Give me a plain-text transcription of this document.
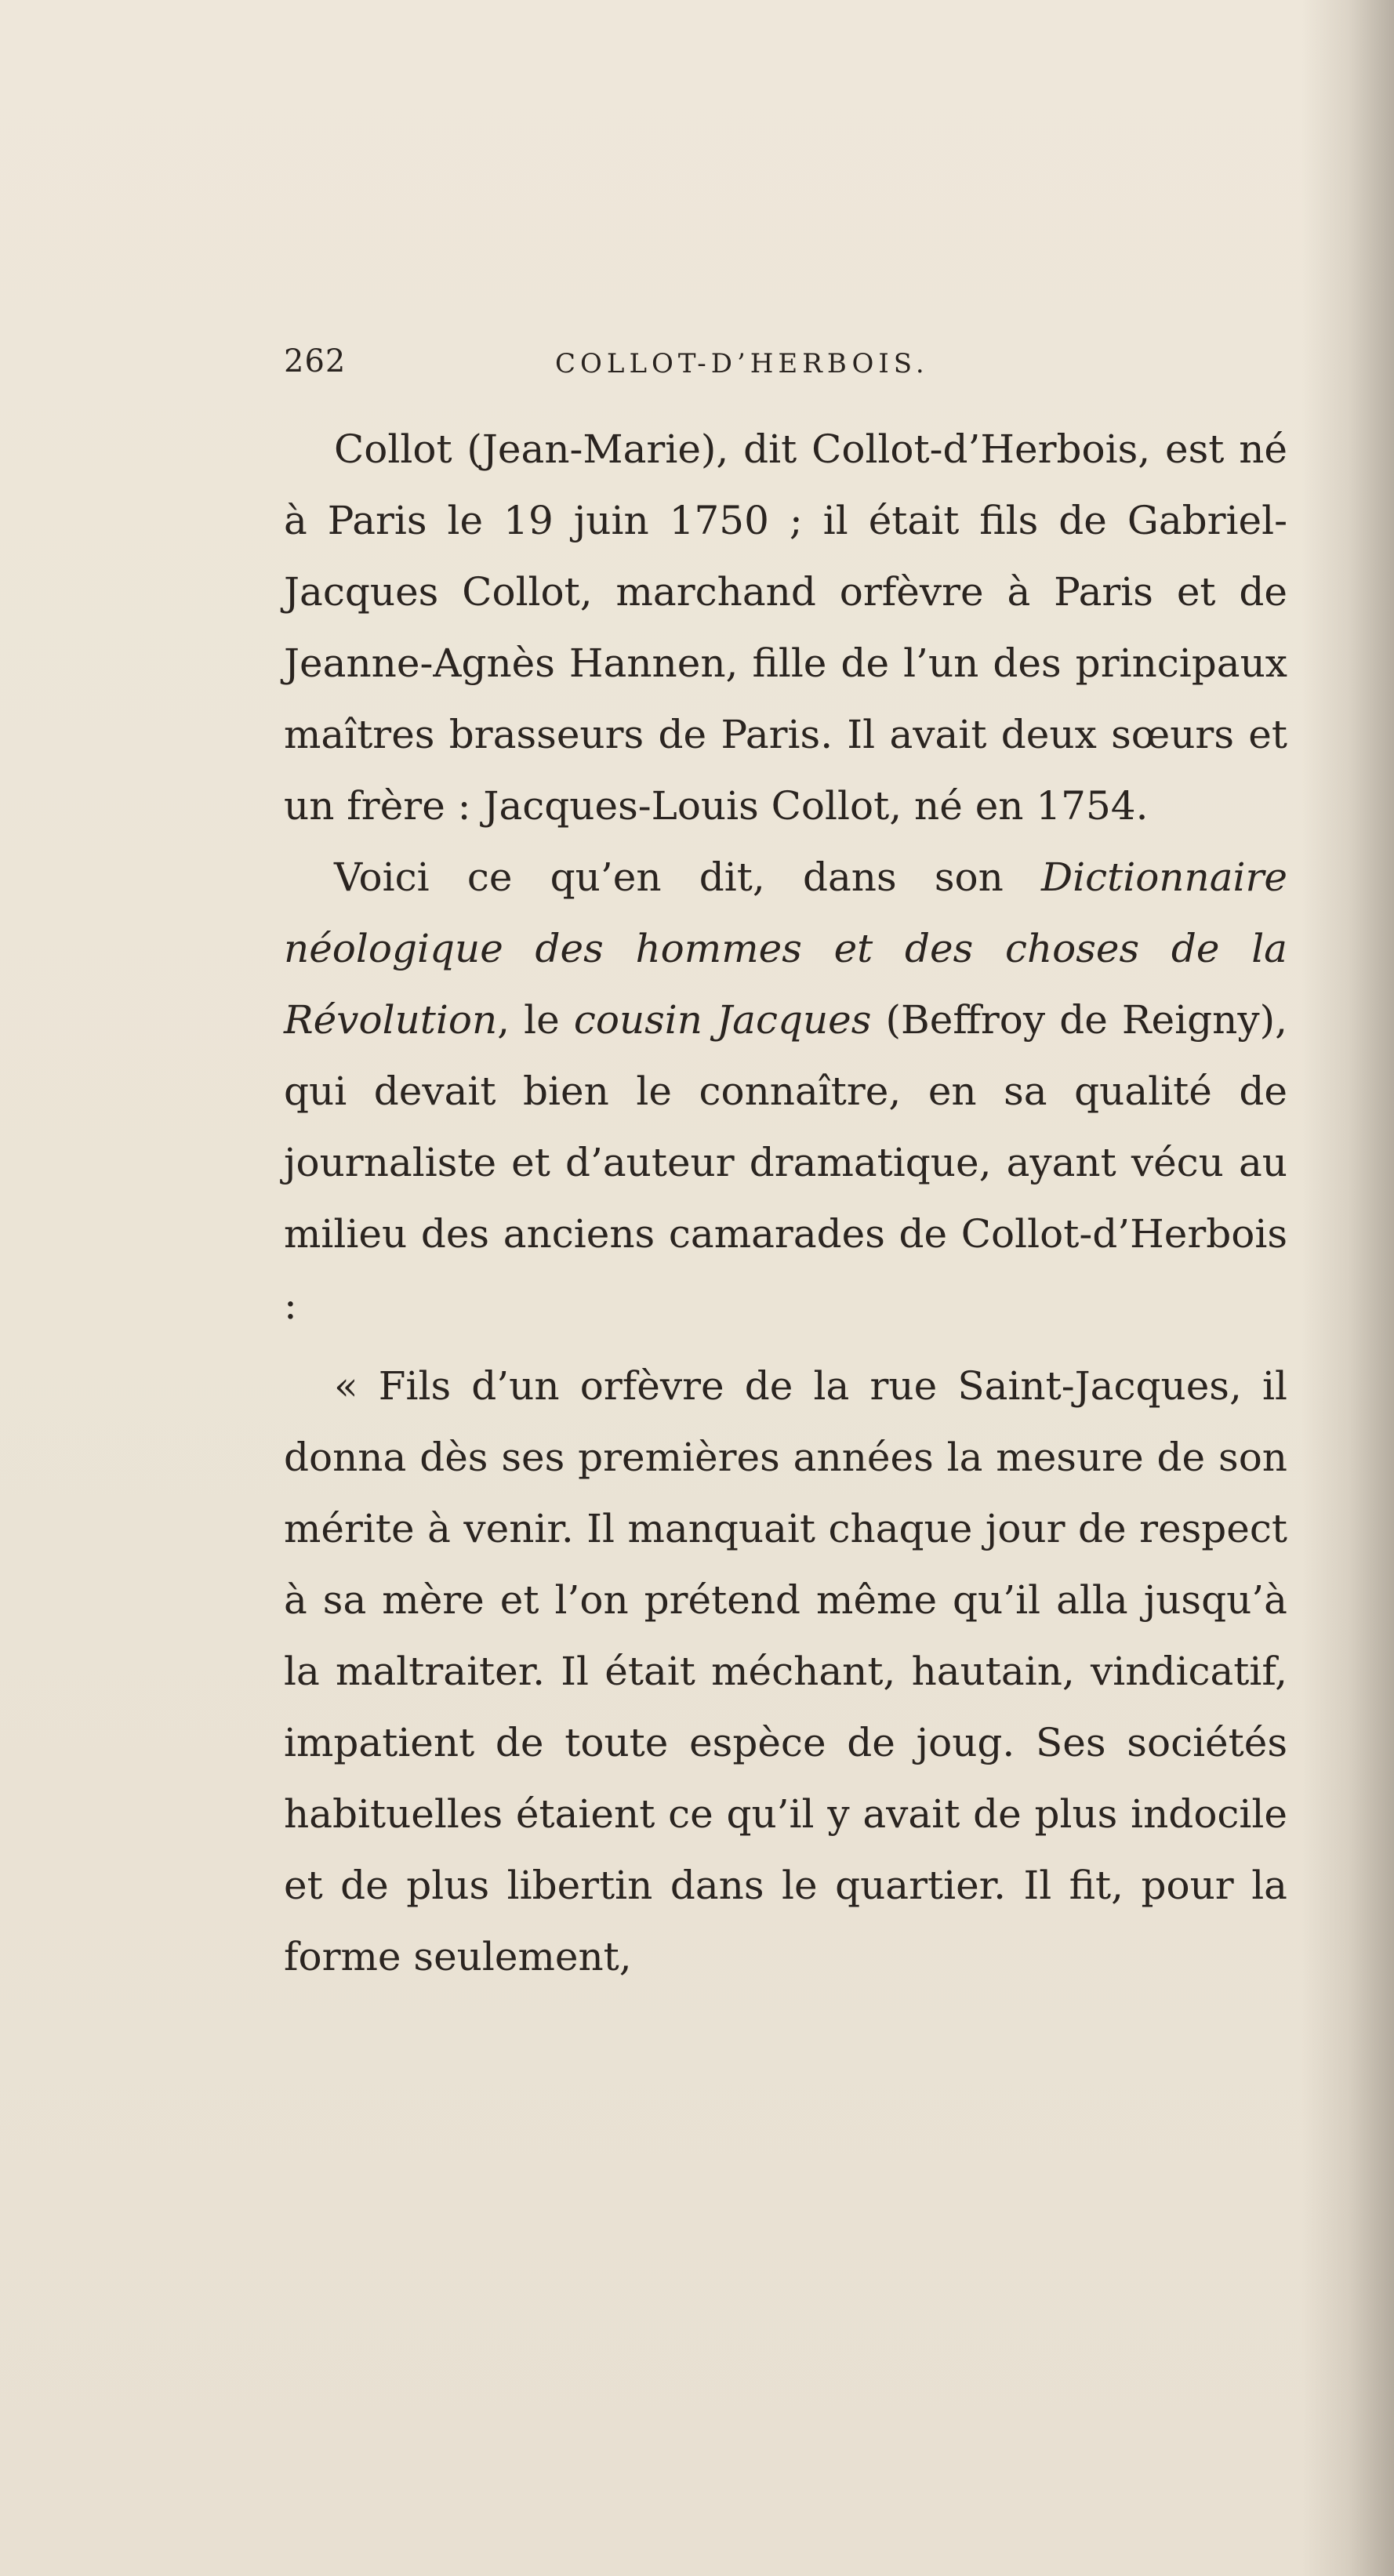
262	COLLOT-D’HERBOIS.

Collot (Jean-Marie), dit Collot-d’Herbois, est né à Paris le 19 juin 1750 ; il était fils de Gabriel-Jacques Collot, marchand orfèvre à Paris et de Jeanne-Agnès Hannen, fille de l’un des principaux maîtres brasseurs de Paris. Il avait deux sœurs et un frère : Jacques-Louis Collot, né en 1754.

Voici ce qu’en dit, dans son Dictionnaire néologique des hommes et des choses de la Révolution, le cousin Jacques (Beffroy de Reigny), qui devait bien le connaître, en sa qualité de journaliste et d’auteur dramatique, ayant vécu au milieu des anciens camarades de Collot-d’Herbois :

« Fils d’un orfèvre de la rue Saint-Jacques, il donna dès ses premières années la mesure de son mérite à venir. Il manquait chaque jour de respect à sa mère et l’on prétend même qu’il alla jusqu’à la maltraiter. Il était méchant, hautain, vindicatif, impatient de toute espèce de joug. Ses sociétés habituelles étaient ce qu’il y avait de plus indocile et de plus libertin dans le quartier. Il fit, pour la forme seulement,
